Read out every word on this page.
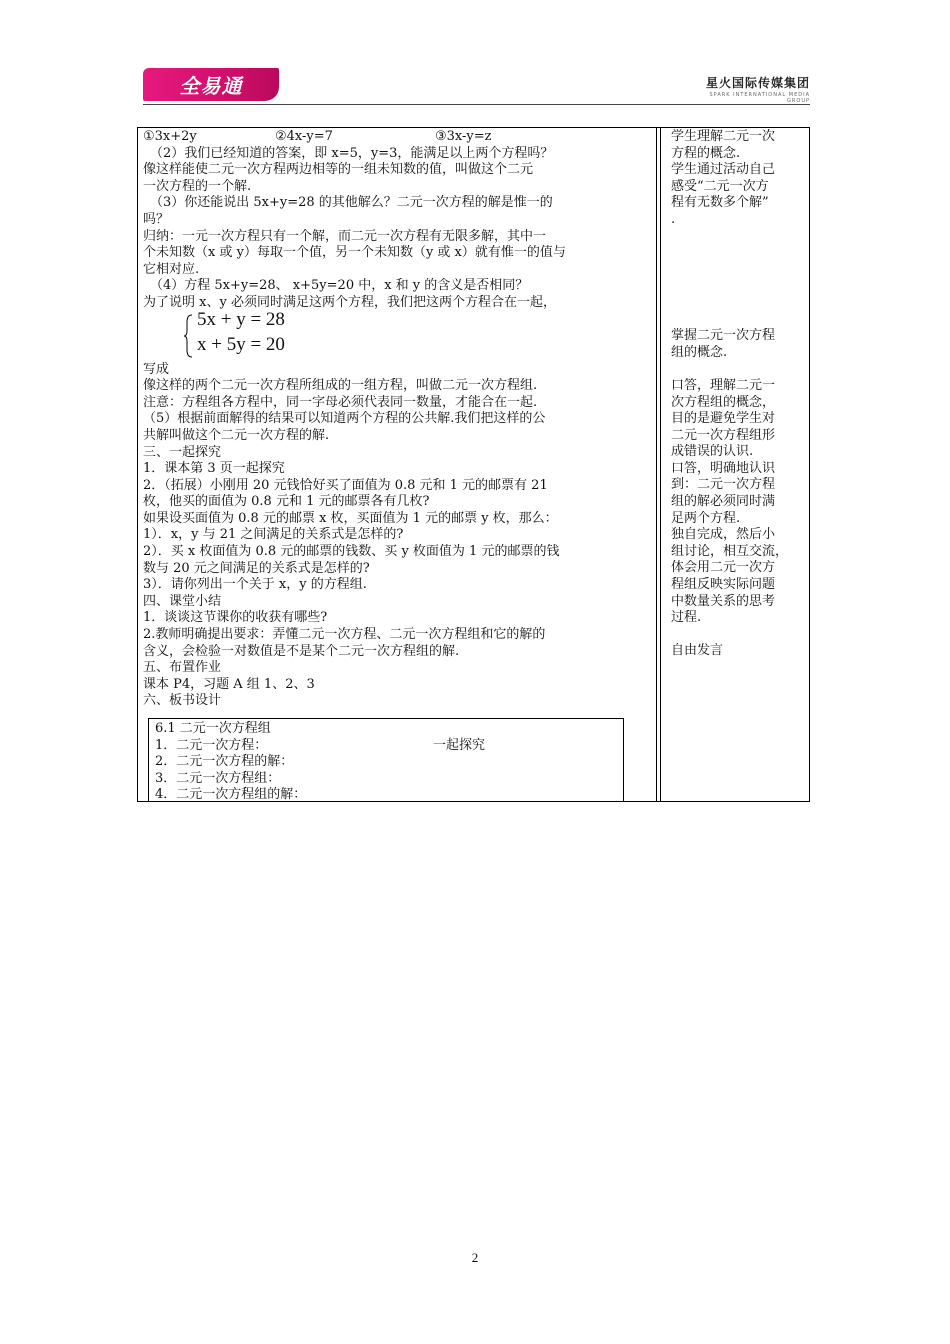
全易通	星火国际传媒集团
SPARK INTERNATIONAL MEDIA GROUP
①3x+2y	②4x-y=7	③3x-y=z
（2）我们已经知道的答案，即 x=5，y=3，能满足以上两个方程吗？
像这样能使二元一次方程两边相等的一组未知数的值，叫做这个二元
一次方程的一个解.
（3）你还能说出 5x+y=28 的其他解么？二元一次方程的解是惟一的
吗？
归纳：一元一次方程只有一个解，而二元一次方程有无限多解，其中一
个未知数（x 或 y）每取一个值，另一个未知数（y 或 x）就有惟一的值与
它相对应.
（4）方程 5x+y=28、 x+5y=20 中，x 和 y 的含义是否相同？
为了说明 x、y 必须同时满足这两个方程，我们把这两个方程合在一起，
5x + y = 28
x + 5y = 20
写成
像这样的两个二元一次方程所组成的一组方程，叫做二元一次方程组.
注意：方程组各方程中，同一字母必须代表同一数量，才能合在一起.
（5）根据前面解得的结果可以知道两个方程的公共解.我们把这样的公
共解叫做这个二元一次方程的解.
三、一起探究
1．课本第 3 页一起探究
2．（拓展）小刚用 20 元钱恰好买了面值为 0.8 元和 1 元的邮票有 21
枚，他买的面值为 0.8 元和 1 元的邮票各有几枚?
如果设买面值为 0.8 元的邮票 x 枚，买面值为 1 元的邮票 y 枚，那么：
1）．x，y 与 21 之间满足的关系式是怎样的?
2）．买 x 枚面值为 0.8 元的邮票的钱数、买 y 枚面值为 1 元的邮票的钱
数与 20 元之间满足的关系式是怎样的?
3）．请你列出一个关于 x，y 的方程组.
四、课堂小结
1．谈谈这节课你的收获有哪些?
2.教师明确提出要求：弄懂二元一次方程、二元一次方程组和它的解的
含义，会检验一对数值是不是某个二元一次方程组的解.
五、布置作业
课本 P4，习题 A 组 1、2、3
六、板书设计
6.1 二元一次方程组
1．二元一次方程：
2．二元一次方程的解：
3．二元一次方程组：
4．二元一次方程组的解：
一起探究
学生理解二元一次
方程的概念.
学生通过活动自己
感受“二元一次方
程有无数多个解”
.

掌握二元一次方程
组的概念.

口答，理解二元一
次方程组的概念，
目的是避免学生对
二元一次方程组形
成错误的认识.
口答，明确地认识
到：二元一次方程
组的解必须同时满
足两个方程.
独自完成，然后小
组讨论，相互交流，
体会用二元一次方
程组反映实际问题
中数量关系的思考
过程.

自由发言
2
